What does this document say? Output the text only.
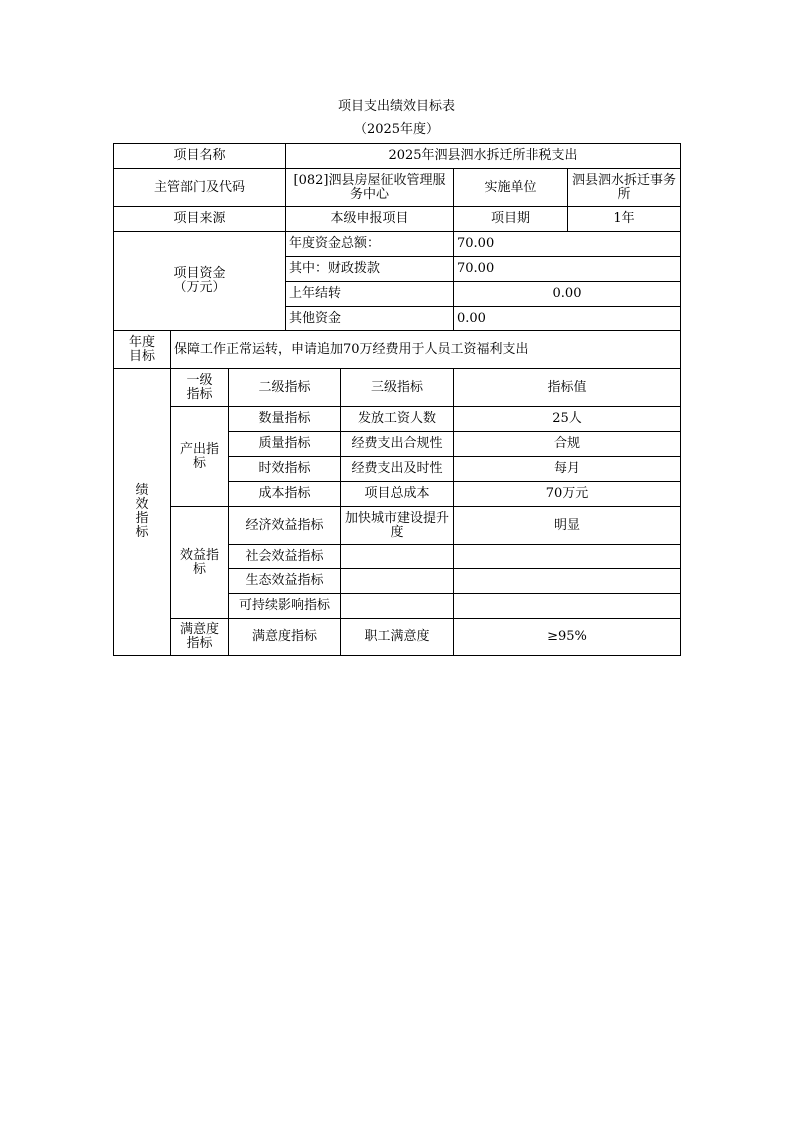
项目支出绩效目标表
（2025年度）
项目名称			2025年泗县泗水拆迁所非税支出			
主管部门及代码			[082]泗县房屋征收管理服务中心		实施单位	泗县泗水拆迁事务所
项目来源			本级申报项目		项目期	1年
项目资金（万元）			年度资金总额：		70.00	
			其中：财政拨款		70.00	
			上年结转		0.00	
			其他资金		0.00	
年度目标	保障工作正常运转，申请追加70万经费用于人员工资福利支出					
绩效指标	一级指标	二级指标		三级指标	指标值	
	产出指标	数量指标		发放工资人数	25人	
		质量指标		经费支出合规性	合规	
		时效指标		经费支出及时性	每月	
		成本指标		项目总成本	70万元	
	效益指标	经济效益指标		加快城市建设提升度	明显	
		社会效益指标				
		生态效益指标				
		可持续影响指标				
	满意度指标	满意度指标		职工满意度	≥95%	
